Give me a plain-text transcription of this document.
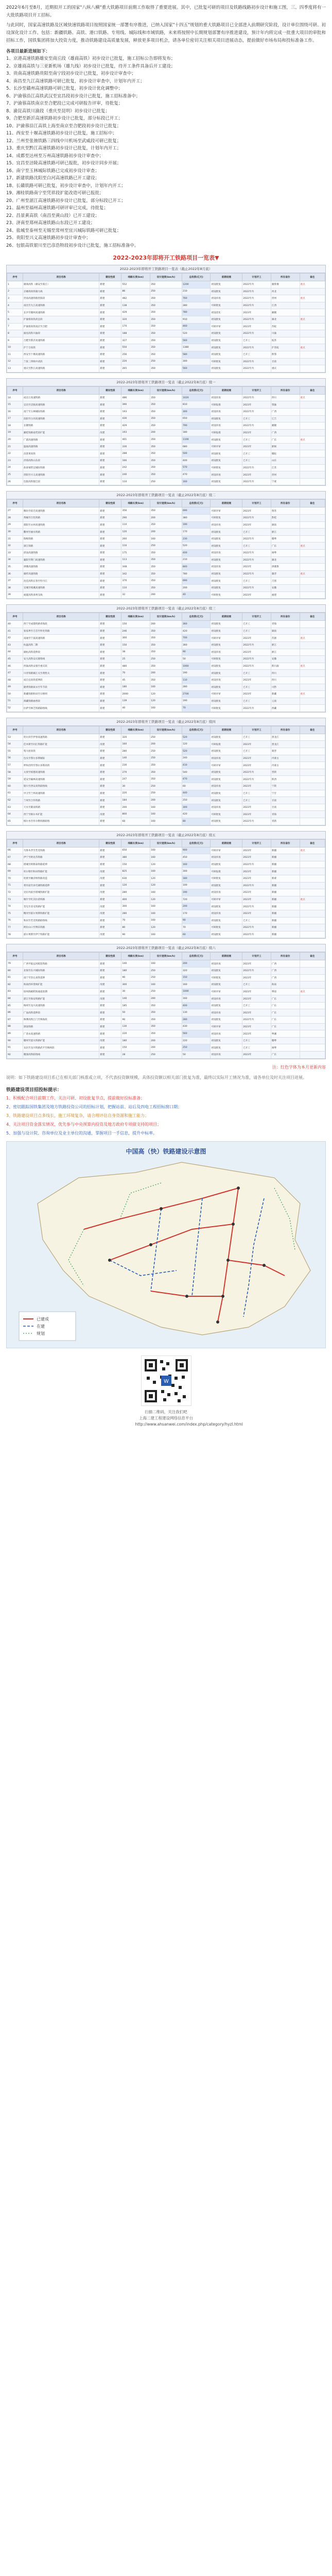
2022年6月至8月，近期拟开工的国家"八纵八横"重大铁路项目前期工作取得了重要进展。其中，已批复可研的项目及铁路线路初步设计和施工图，三、四季度将有一大批铁路项目开工招标。

与此同时，国家高速铁路及区域快速铁路项目按照国家统一部署有序推进，已纳入国家"十四五"规划的重大铁路项目已全部进入前期研究阶段，设计单位围绕可研、初设深化设计工作。包括：新疆铁路、高铁、港口铁路、专用线、城际线和市域铁路，未来将按照中长期规划部署有序推进建设，预计年内将完成一批重大项目的审批和招标工作，国铁集团将加大投资力度，推动铁路建设高质量发展，释放更多项目机会，请各单位密切关注相关项目进展动态，提前做好市场布局和投标准备工作。

各项目最新进展如下：
1、京港高速铁路雄安至商丘段（雄商高铁）初步设计已批复，施工招标公告即将发布；
2、京雄商高铁与三亚新机场（雄九线）初步设计已批复，待开工条件具备后开工建设；
3、贵南高速铁路贵阳至南宁段初步设计已批复，初步设计审查中；
4、南昌至九江高速铁路可研已批复，初步设计审查中，计划年内开工；
5、长沙至赣州高速铁路可研已批复，初步设计优化调整中；
6、沪渝蓉沿江高铁武汉至宜昌段初步设计已批复，施工招标准备中；
7、沪渝蓉高铁南京至合肥段已完成可研报告评审，待批复；
8、渝昆高铁川渝段（重庆至昆明）初步设计已批复；
9、合肥至新沂高速铁路初步设计已批复，部分标段已开工；
10、沪渝蓉沿江高铁上海至南京至合肥段初步设计已批复；
11、西安至十堰高速铁路初步设计已批复，施工招标中；
12、兰州至张掖铁路三四线中川机场至武威段可研已批复；
13、重庆至黔江高速铁路初步设计已批复，计划年内开工；
14、成都至达州至万州高速铁路初步设计审查中；
15、宜昌至涪陵高速铁路可研已报批，初步设计同步开展；
16、南宁至玉林城际铁路已完成初步设计审查；
17、新建铁路沈阳至白河高速铁路已开工建设；
18、长赣铁路可研已批复，初步设计审查中，计划年内开工；
19、湘桂铁路南宁至凭祥段扩能改造可研已报批；
20、广州至湛江高速铁路初步设计已批复，部分标段已开工；
21、温州至福州高速铁路可研评审已完成，待批复；
22、昌景黄高铁（南昌至黄山段）已开工建设；
23、济南至郑州高速铁路山东段已开工建设；
24、盐城至泰州至无锡至常州至宜兴城际铁路可研已批复；
25、贵阳至兴义高速铁路初步设计审查中；
26、包银高铁银川至巴彦浩特段初步设计已批复，施工招标准备中。
2022-2023年即将开工铁路项目一览表▼
2022-2023年即将开工铁路项目一览表（截止2022年8月底）
序号	项目名称	建设性质	线路长度(km)	设计速度(km/h)	总投资(亿元)	前期进展	计划开工	所在省份	备注
1	雄商高铁（雄安至商丘）	新建	552	350	1200	初设批复	2022年内	冀鲁豫	重点
2	京雄商高铁雄九线	新建	86	250	210	初设批复	2022年内	河北	
3	贵南高速铁路贵阳段	新建	482	350	760	初设审查	2022年内	贵州	重点
4	南昌至九江高速铁路	新建	138	350	280	可研批复	2022年内	江西	
5	长沙至赣州高速铁路	新建	429	350	780	初设优化	2023年	湘赣	
6	沪渝蓉高铁武宜段	新建	320	350	910	初设批复	2022年内	湖北	重点
7	沪渝蓉高铁南京至合肥	新建	170	350	460	可研评审	2023年	苏皖	
8	渝昆高铁川渝段	新建	188	350	520	初设批复	2022年内	川渝	
9	合肥至新沂高速铁路	新建	327	350	560	初设批复	已开工	皖苏	
10	沪宁合高铁	新建	550	350	1380	初设批复	2022年内	沪苏皖	重点
11	西安至十堰高速铁路	新建	256	350	580	初设批复	已开工	陕鄂	
12	兰张三四线中武段	新建	220	250	300	可研批复	2022年内	甘肃	
13	重庆至黔江高速铁路	新建	265	350	560	初设批复	2022年内	重庆	
2022-2023年即将开工铁路项目一览表（截止2022年8月底）续一
序号	项目名称	建设性质	线路长度(km)	设计速度(km/h)	总投资(亿元)	前期进展	计划开工	所在省份	备注
14	成达万高速铁路	新建	486	350	1020	初设审查	2022年内	四川	重点
15	宜昌至涪陵高速铁路	新建	390	350	810	可研报批	2023年	鄂渝	
16	南宁至玉林城际铁路	新建	193	350	300	初设审查	2022年内	广西	
17	沈阳至白河高速铁路	新建	430	350	650	初设批复	已开工	辽吉	
18	长赣铁路	新建	429	350	790	初设审查	2022年内	湘赣	
19	湘桂铁路南凭段扩能	改建	193	200	180	可研报批	2023年	广西	
20	广湛高速铁路	新建	401	350	1100	初设批复	已开工	广东	重点
21	温福高速铁路	新建	330	350	680	可研评审	2023年	浙闽	
22	昌景黄高铁	新建	288	350	500	初设批复	已开工	赣皖	
23	济郑高铁山东段	新建	166	350	400	初设批复	已开工	山东	
24	盐泰锡常宜城际铁路	新建	242	350	570	可研批复	2022年内	江苏	
25	贵阳至兴义高速铁路	新建	240	350	470	初设审查	2023年	贵州	
26	包银高铁银巴段	新建	110	250	160	初设批复	2022年内	宁蒙	
2022-2023年即将开工铁路项目一览表（截止2022年8月底）续二
序号	项目名称	建设性质	线路长度(km)	设计速度(km/h)	总投资(亿元)	前期进展	计划开工	所在省份	备注
27	潍坊至宿迁高速铁路	新建	356	350	690	可研评审	2023年	鲁苏	
28	黄桶至百色铁路	新建	290	200	380	可研批复	2022年内	黔桂	
29	邵阳至永州高速铁路	新建	110	350	190	初设审查	2023年	湖南	
30	衢州至丽水铁路	新建	120	200	170	初设批复	已开工	浙江	
31	瑞梅铁路	新建	260	160	230	初设批复	2022年内	赣粤	
32	深江铁路	新建	116	250	520	初设批复	已开工	广东	重点
33	漳汕高速铁路	新建	175	350	400	初设审查	2022年内	闽粤	
34	襄阳至荆门高速铁路	新建	113	350	210	初设批复	2022年内	湖北	
35	津潍高速铁路	新建	348	350	840	初设审查	2023年	津冀鲁	
36	雄忻高速铁路	新建	342	350	780	初设批复	2022年内	冀晋	重点
37	沈佳高铁长春至牡丹江	新建	370	350	690	初设批复	已开工	吉黑	
38	宣城至绩溪高速铁路	新建	110	350	200	初设批复	2022年内	安徽	
39	福厦高铁漳州支线	新建	32	200	40	可研批复	2023年	福建	
2022-2023年即将开工铁路项目一览表（截止2022年8月底）续三
序号	项目名称	建设性质	线路长度(km)	设计速度(km/h)	总投资(亿元)	前期进展	计划开工	所在省份	备注
40	西宁至成都铁路青海段	新建	150	200	360	初设批复	已开工	青海	
41	张家界至吉首至怀化铁路	新建	246	350	420	初设批复	已开工	湖南	
42	南通至宁波高速铁路	新建	300	350	700	可研评审	2023年	苏浙	重点
43	杭温高铁二期	新建	150	350	360	初设批复	2022年内	浙江	
44	湖杭高铁延伸段	新建	38	350	90	初设审查	2023年	浙江	
45	安九高铁安庆联络线	新建	25	250	50	可研批复	2022年内	安徽	
46	西渝高铁安康至重庆段	新建	480	350	1060	初设批复	2022年内	陕川渝	重点
47	川青铁路镇江关至黄胜关	新建	70	200	190	初设批复	已开工	四川	
48	成自宜高铁延伸段	新建	45	350	110	初设审查	2023年	四川	
49	隆黄铁路叙永至毕节段	新建	180	160	280	初设批复	已开工	川黔	
50	新藏铁路和田至日喀则	新建	2000	120	2700	可研评审	2023年	新藏	重点
51	滇藏铁路丽香段	新建	139	120	190	初设批复	已开工	云南	
52	拉萨至林芝铁路联络线	新建	40	160	70	可研批复	2022年内	西藏	
2022-2023年即将开工铁路项目一览表（截止2022年8月底）续四
序号	项目名称	建设性质	线路长度(km)	设计速度(km/h)	总投资(亿元)	前期进展	计划开工	所在省份	备注
53	哈尔滨至伊春高速铁路	新建	320	250	520	初设批复	已开工	黑龙江	
54	佳木斯至同江铁路扩能	改建	160	200	120	可研报批	2023年	黑龙江	
55	集大原高铁	新建	280	250	520	初设批复	已开工	蒙晋	
56	包头至鄂尔多斯城际	新建	140	250	240	初设审查	2023年	内蒙古	
57	呼和浩特至鄂尔多斯高铁	新建	230	350	410	可研评审	2023年	内蒙古	
58	太原至绥德高速铁路	新建	270	350	540	初设批复	2022年内	晋陕	
59	延安至榆林高速铁路	新建	247	350	470	初设批复	2022年内	陕西	
60	银川至西安高铁联络线	新建	30	250	60	初设审查	2023年	宁陕	
61	中卫至兰州高速铁路	新建	220	250	440	初设批复	已开工	宁甘	
62	兰州至合作铁路	新建	184	200	250	初设批复	已开工	甘肃	
63	天水至陇南铁路	新建	200	160	300	初设审查	2023年	甘肃	
64	西宁至格尔木扩能	改建	800	160	420	可研批复	2023年	青海	
65	格尔木至库尔勒铁路联络	新建	60	160	80	初设批复	2022年内	青新	
2022-2023年即将开工铁路项目一览表（截止2022年8月底）续五
序号	项目名称	建设性质	线路长度(km)	设计速度(km/h)	总投资(亿元)	前期进展	计划开工	所在省份	备注
66	乌鲁木齐至若羌铁路	新建	650	160	900	可研评审	2023年	新疆	重点
67	伊宁至阿克苏铁路	新建	380	160	450	初设审查	2023年	新疆	
68	塔城至阿勒泰铁路延伸	新建	150	120	160	初设批复	2022年内	新疆	
69	库尔勒至和田铁路扩能	改建	825	160	300	可研报批	2023年	新疆	
70	哈密至额济纳铁路改造	改建	630	120	180	可研批复	2023年	新蒙	
71	将军庙至淖毛湖铁路延伸	新建	120	120	100	初设批复	2022年内	新疆	
72	克拉玛依至塔城铁路扩能	改建	280	160	190	初设审查	2023年	新疆	
73	喀什至红其拉甫铁路	新建	400	120	720	可研评审	2023年	新疆	重点
74	奎屯至北屯铁路扩能	改建	300	160	200	初设批复	2022年内	新疆	
75	精河至霍尔果斯铁路扩能	改建	280	160	170	初设审查	2023年	新疆	
76	和田至若羌铁路联络线	新建	70	160	90	初设批复	已开工	新疆	
77	阿拉山口至博乐铁路	新建	80	120	70	可研批复	2022年内	新疆	
78	霍尔果斯至伊宁铁路扩能	改建	90	160	60	初设批复	2022年内	新疆	
2022-2023年即将开工铁路项目一览表（截止2022年8月底）续六
序号	项目名称	建设性质	线路长度(km)	设计速度(km/h)	总投资(亿元)	前期进展	计划开工	所在省份	备注
79	广西平陆运河配套铁路	新建	140	160	200	初设审查	2023年	广西	
80	北海至东兴城际铁路	新建	180	250	320	初设批复	2022年内	广西	
81	南宁至崇左高铁延伸	新建	90	250	150	可研批复	2023年	广西	
82	海南西环货线扩能	改建	300	160	160	初设批复	已开工	海南	
83	琼州海峡跨海通道前期	新建	30	250	1000	可研评审	2023年	粤琼	重点
84	湛江至海安铁路扩能	改建	140	200	160	初设审查	2023年	广东	
85	梅州至龙川高速铁路	新建	185	350	400	初设批复	已开工	广东	
86	广汕高铁延伸段	新建	50	350	130	初设审查	2023年	广东	
87	珠肇高铁江门至珠海段	新建	90	350	280	初设批复	2022年内	广东	
88	深汕铁路	新建	130	350	430	可研评审	2023年	广东	
89	广清永高速铁路	新建	220	350	560	初设审查	2023年	粤湘	
90	赣州至韶关铁路扩能	改建	180	200	220	初设批复	已开工	赣粤	
91	龙岩至龙川铁路武平至梅州段	新建	150	200	250	初设批复	已开工	闽粤	
92	赣深高铁联络线	新建	28	250	50	初设审查	2023年	广东	
注：红色字体为本月更新内容
说明：如下铁路建设项目系已在相关部门核准或立项，不代表投资额规模，具体投资额以相关部门批复为准，最终以实际开工情况为准，请各单位及时关注项目进展。
铁路建设项目招投标提示：

1、积极配合项目前期工作，关注可研、初设批复节点，提前做好投标准备；

2、密切跟踪国铁集团及地方铁路投资公司的招标计划，把握站前、站后及四电工程招标窗口期；

3、铁路建设项目点多线长，施工环境复杂，请合理评估自身资源和施工能力；

4、关注项目资金落实情况，优先参与中央预算内投资及地方政府专项债支持的项目；

5、加强与设计院、咨询单位及业主单位的沟通，掌握项目一手信息，提升中标率。

中国高（快）铁路建设示意图
已建成
在建
规划
W
扫描二维码，关注我们吧
上海二建工程建设网络信息平台
http://www.ahsanwei.com/index.php/category/hyzl.html
